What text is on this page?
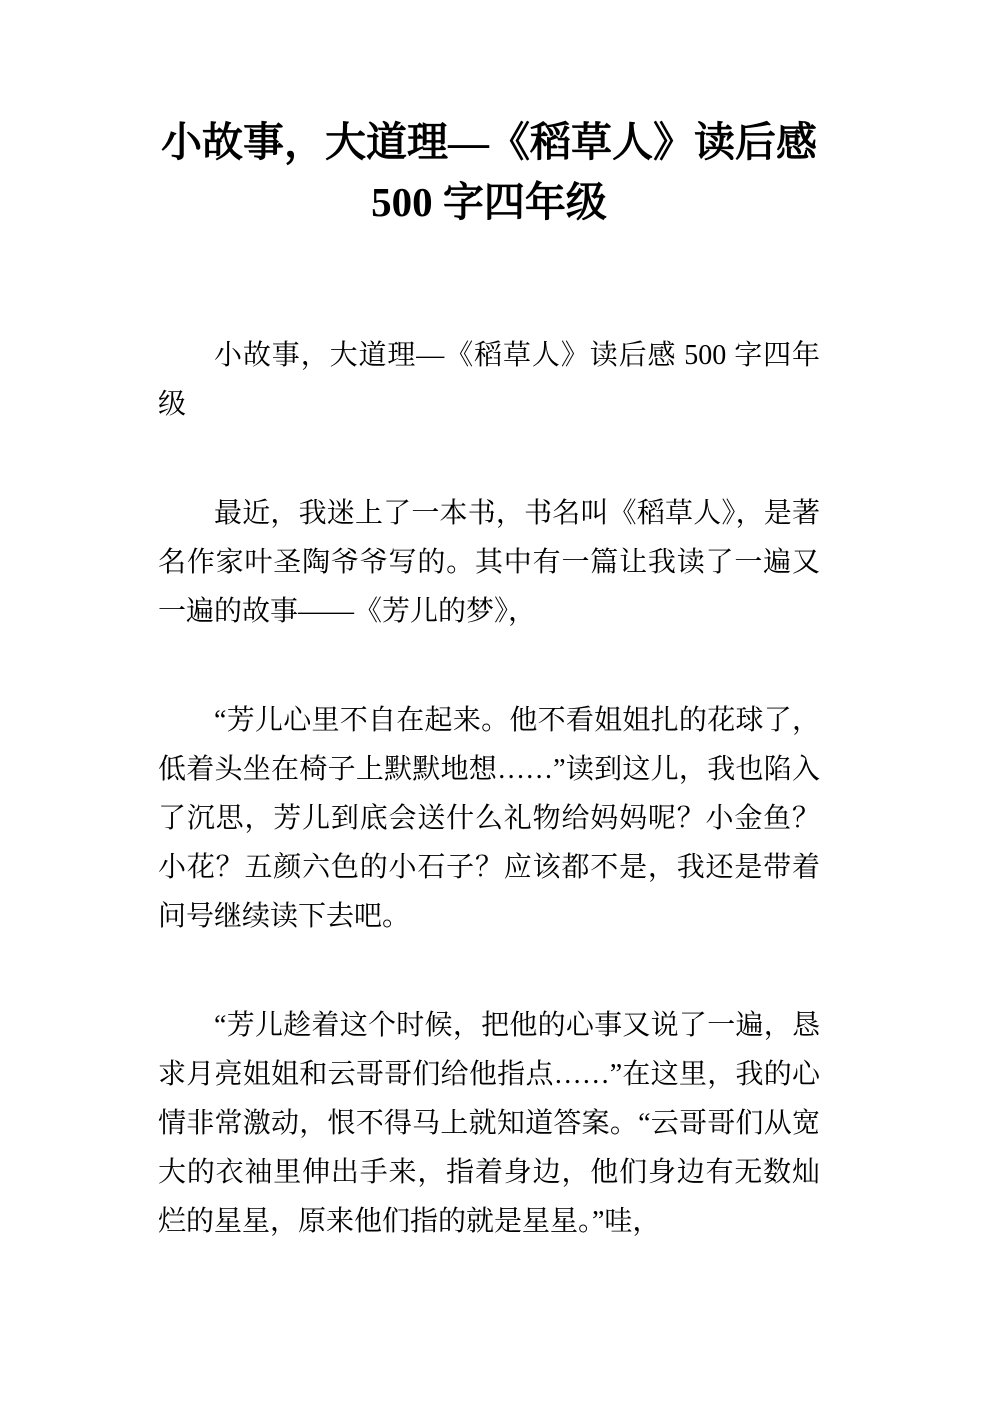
小故事，大道理—《稻草人》读后感 500 字四年级

小故事，大道理—《稻草人》读后感 500 字四年级

最近，我迷上了一本书，书名叫《稻草人》，是著名作家叶圣陶爷爷写的。其中有一篇让我读了一遍又一遍的故事——《芳儿的梦》，

“芳儿心里不自在起来。他不看姐姐扎的花球了，低着头坐在椅子上默默地想……”读到这儿，我也陷入了沉思，芳儿到底会送什么礼物给妈妈呢？小金鱼？小花？五颜六色的小石子？应该都不是，我还是带着问号继续读下去吧。

“芳儿趁着这个时候，把他的心事又说了一遍，恳求月亮姐姐和云哥哥们给他指点……”在这里，我的心情非常激动，恨不得马上就知道答案。“云哥哥们从宽大的衣袖里伸出手来，指着身边，他们身边有无数灿烂的星星，原来他们指的就是星星。”哇，
